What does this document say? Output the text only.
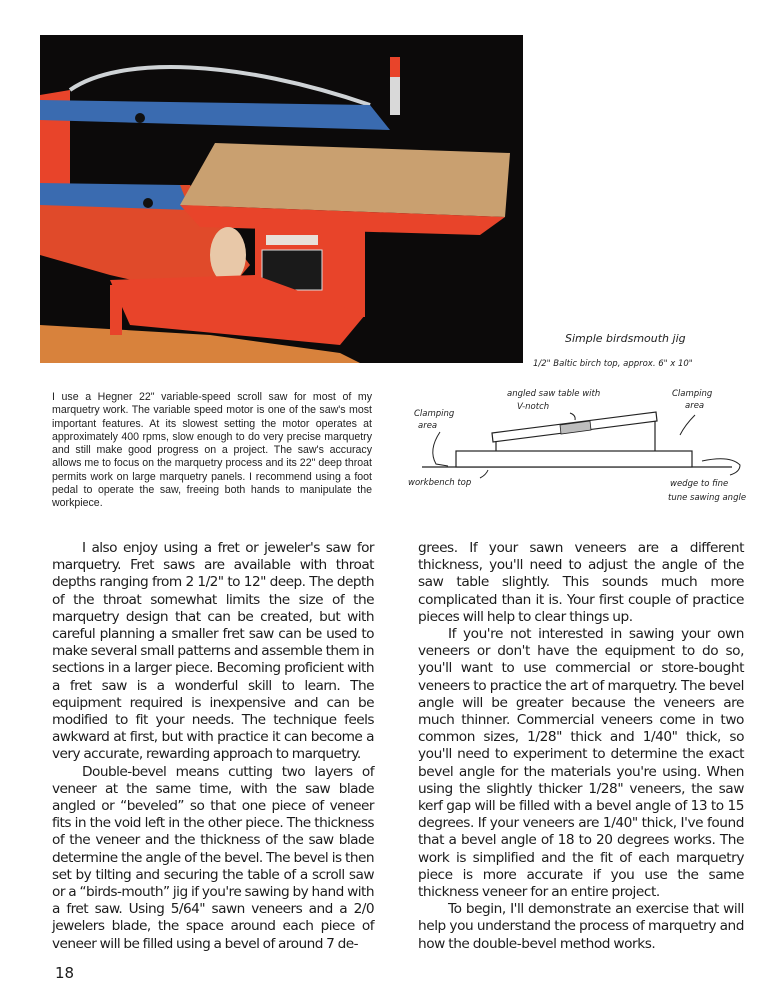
I use a Hegner 22" variable-speed scroll saw for most of my marquetry work. The variable speed motor is one of the saw's most important features. At its slowest setting the motor operates at approximately 400 rpms, slow enough to do very precise marquetry and still make good progress on a project. The saw's accuracy allows me to focus on the marquetry process and its 22" deep throat permits work on large marquetry panels. I recommend using a foot pedal to operate the saw, freeing both hands to manipulate the workpiece.
Simple birdsmouth jig
1/2" Baltic birch top, approx. 6" x 10"
angled saw table with
V-notch
Clamping
area
Clamping
area
workbench top	wedge to fine
tune sawing angle

I also enjoy using a fret or jeweler's saw for marquetry. Fret saws are available with throat depths ranging from 2 1/2" to 12" deep. The depth of the throat somewhat limits the size of the marquetry design that can be created, but with careful planning a smaller fret saw can be used to make several small patterns and assemble them in sections in a larger piece. Becoming proficient with a fret saw is a wonderful skill to learn. The equipment required is inexpensive and can be modified to fit your needs. The technique feels awkward at first, but with practice it can become a very accurate, rewarding approach to marquetry.

Double-bevel means cutting two layers of veneer at the same time, with the saw blade angled or “beveled” so that one piece of veneer fits in the void left in the other piece. The thickness of the veneer and the thickness of the saw blade determine the angle of the bevel. The bevel is then set by tilting and securing the table of a scroll saw or a “birds-mouth” jig if you're sawing by hand with a fret saw. Using 5/64" sawn veneers and a 2/0 jewelers blade, the space around each piece of veneer will be filled using a bevel of around 7 de-

grees. If your sawn veneers are a different thickness, you'll need to adjust the angle of the saw table slightly. This sounds much more complicated than it is. Your first couple of practice pieces will help to clear things up.

If you're not interested in sawing your own veneers or don't have the equipment to do so, you'll want to use commercial or store-bought veneers to practice the art of marquetry. The bevel angle will be greater because the veneers are much thinner. Commercial veneers come in two common sizes, 1/28" thick and 1/40" thick, so you'll need to experiment to determine the exact bevel angle for the materials you're using. When using the slightly thicker 1/28" veneers, the saw kerf gap will be filled with a bevel angle of 13 to 15 degrees. If your veneers are 1/40" thick, I've found that a bevel angle of 18 to 20 degrees works. The work is simplified and the fit of each marquetry piece is more accurate if you use the same thickness veneer for an entire project.

To begin, I'll demonstrate an exercise that will help you understand the process of marquetry and how the double-bevel method works.

18
